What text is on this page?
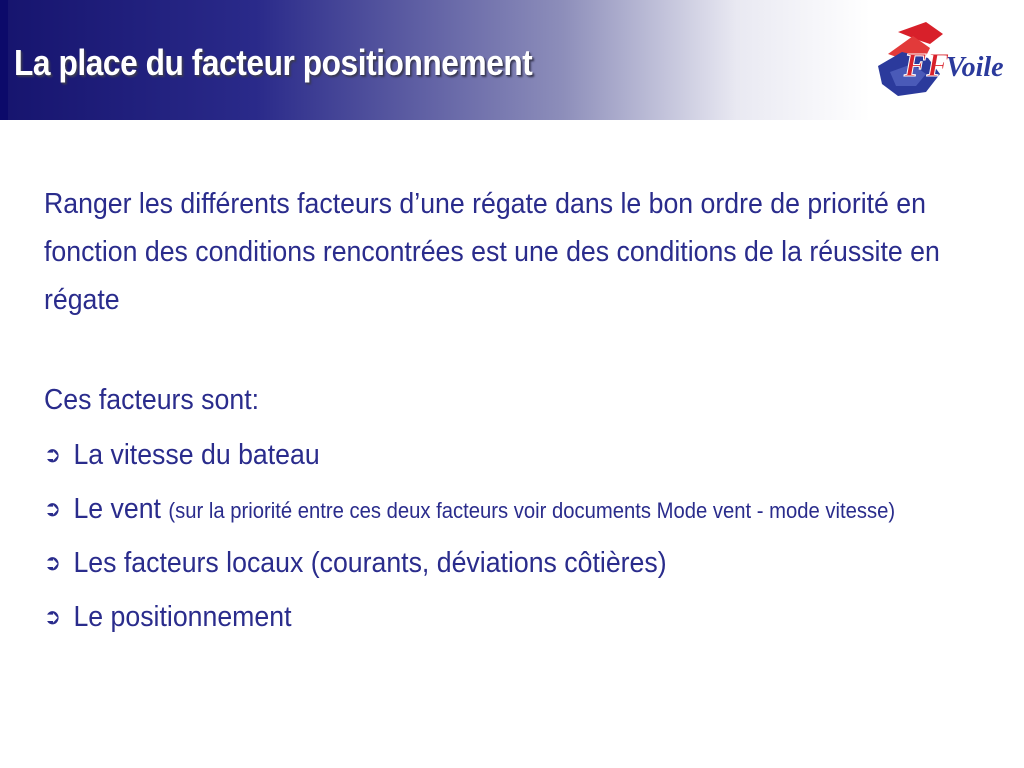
La place du facteur positionnement	FF
Voile

Ranger les différents facteurs d’une régate dans le bon ordre de priorité en fonction des conditions rencontrées est une des conditions de la réussite en régate

Ces facteurs sont:

➲ La vitesse du bateau
➲ Le vent (sur la priorité entre ces deux facteurs voir documents Mode vent - mode vitesse)
➲ Les facteurs locaux (courants, déviations côtières)
➲ Le positionnement
